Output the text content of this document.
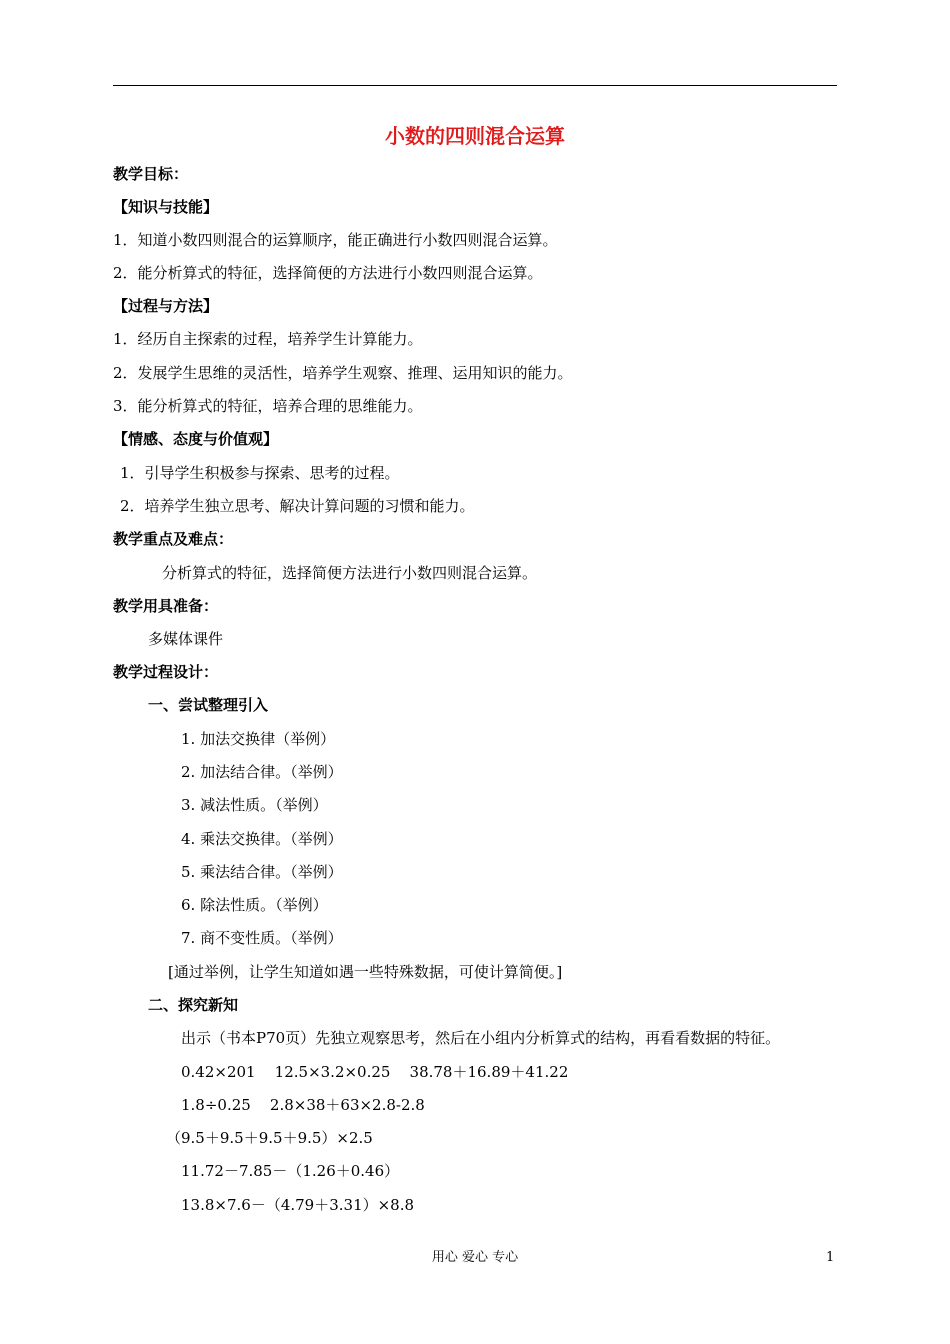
小数的四则混合运算
教学目标：
【知识与技能】
1．知道小数四则混合的运算顺序，能正确进行小数四则混合运算。
2．能分析算式的特征，选择简便的方法进行小数四则混合运算。
【过程与方法】
1．经历自主探索的过程，培养学生计算能力。
2．发展学生思维的灵活性，培养学生观察、推理、运用知识的能力。
3．能分析算式的特征，培养合理的思维能力。
【情感、态度与价值观】
1．引导学生积极参与探索、思考的过程。
2．培养学生独立思考、解决计算问题的习惯和能力。
教学重点及难点：
分析算式的特征，选择简便方法进行小数四则混合运算。
教学用具准备：
多媒体课件
教学过程设计：
一、尝试整理引入
1. 加法交换律（举例）
2. 加法结合律。（举例）
3. 减法性质。（举例）
4. 乘法交换律。（举例）
5. 乘法结合律。（举例）
6. 除法性质。（举例）
7. 商不变性质。（举例）
[通过举例，让学生知道如遇一些特殊数据，可使计算简便。]
二、探究新知
出示（书本P70页）先独立观察思考，然后在小组内分析算式的结构，再看看数据的特征。
0.42×201    12.5×3.2×0.25    38.78＋16.89＋41.22
1.8÷0.25    2.8×38＋63×2.8-2.8
（9.5＋9.5＋9.5＋9.5）×2.5
11.72－7.85－（1.26＋0.46）
13.8×7.6－（4.79＋3.31）×8.8
用心 爱心 专心	1
